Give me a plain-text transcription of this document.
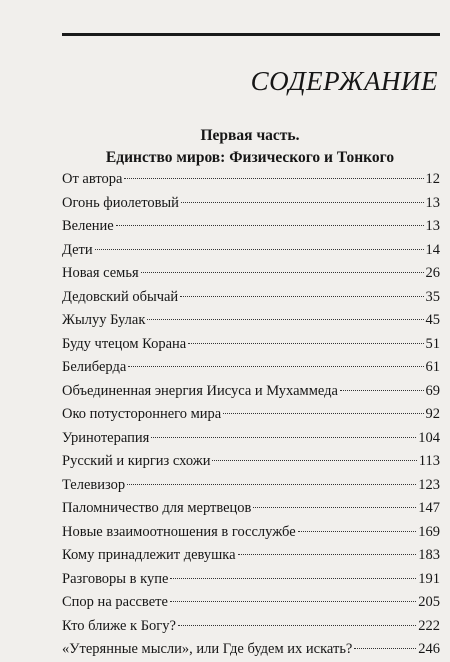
СОДЕРЖАНИЕ
Первая часть.
Единство миров: Физического и Тонкого
От автора	12
Огонь фиолетовый	13
Веление	13
Дети	14
Новая семья	26
Дедовский обычай	35
Жылуу Булак	45
Буду чтецом Корана	51
Белиберда	61
Объединенная энергия Иисуса и Мухаммеда	69
Око потустороннего мира	92
Уринотерапия	104
Русский и киргиз схожи	113
Телевизор	123
Паломничество для мертвецов	147
Новые взаимоотношения в госслужбе	169
Кому принадлежит девушка	183
Разговоры в купе	191
Спор на рассвете	205
Кто ближе к Богу?	222
«Утерянные мысли», или Где будем их искать?	246
